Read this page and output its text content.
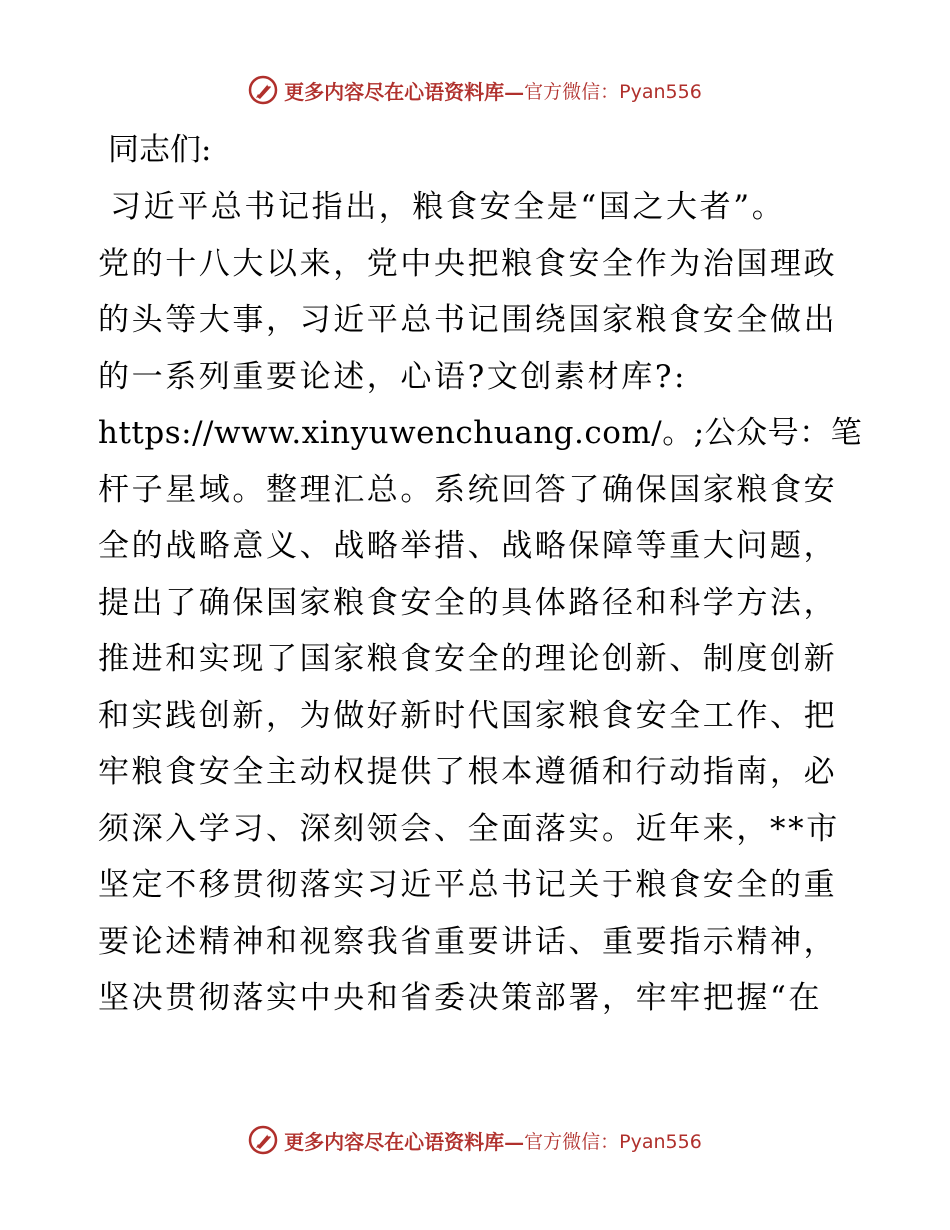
更多内容尽在心语资料库— 官方微信：Pyan556
同志们:
习近平总书记指出，粮食安全是“国之大者”。
党的十八大以来，党中央把粮食安全作为治国理政
的头等大事，习近平总书记围绕国家粮食安全做出
的一系列重要论述，心语?文创素材库?:
https://www.xinyuwenchuang.com/。;公众号：笔
杆子星域。整理汇总。系统回答了确保国家粮食安
全的战略意义、战略举措、战略保障等重大问题，
提出了确保国家粮食安全的具体路径和科学方法，
推进和实现了国家粮食安全的理论创新、制度创新
和实践创新，为做好新时代国家粮食安全工作、把
牢粮食安全主动权提供了根本遵循和行动指南，必
须深入学习、深刻领会、全面落实。近年来，**市
坚定不移贯彻落实习近平总书记关于粮食安全的重
要论述精神和视察我省重要讲话、重要指示精神，
坚决贯彻落实中央和省委决策部署，牢牢把握“在
更多内容尽在心语资料库— 官方微信：Pyan556
